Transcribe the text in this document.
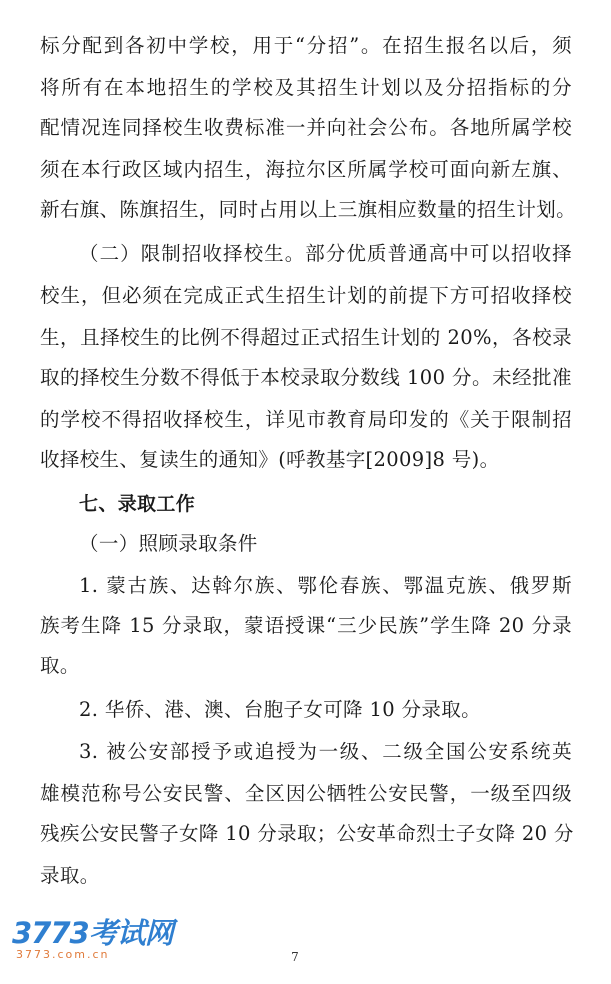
标分配到各初中学校，用于“分招”。在招生报名以后，须
将所有在本地招生的学校及其招生计划以及分招指标的分
配情况连同择校生收费标准一并向社会公布。各地所属学校
须在本行政区域内招生，海拉尔区所属学校可面向新左旗、
新右旗、陈旗招生，同时占用以上三旗相应数量的招生计划。
（二）限制招收择校生。部分优质普通高中可以招收择
校生，但必须在完成正式生招生计划的前提下方可招收择校
生，且择校生的比例不得超过正式招生计划的 20%，各校录
取的择校生分数不得低于本校录取分数线 100 分。未经批准
的学校不得招收择校生，详见市教育局印发的《关于限制招
收择校生、复读生的通知》(呼教基字[2009]8 号)。
七、录取工作
（一）照顾录取条件
1. 蒙古族、达斡尔族、鄂伦春族、鄂温克族、俄罗斯
族考生降 15 分录取，蒙语授课“三少民族”学生降 20 分录
取。
2. 华侨、港、澳、台胞子女可降 10 分录取。
3. 被公安部授予或追授为一级、二级全国公安系统英
雄模范称号公安民警、全区因公牺牲公安民警，一级至四级
残疾公安民警子女降 10 分录取；公安革命烈士子女降 20 分
录取。
3773考试网
3773.com.cn	7
